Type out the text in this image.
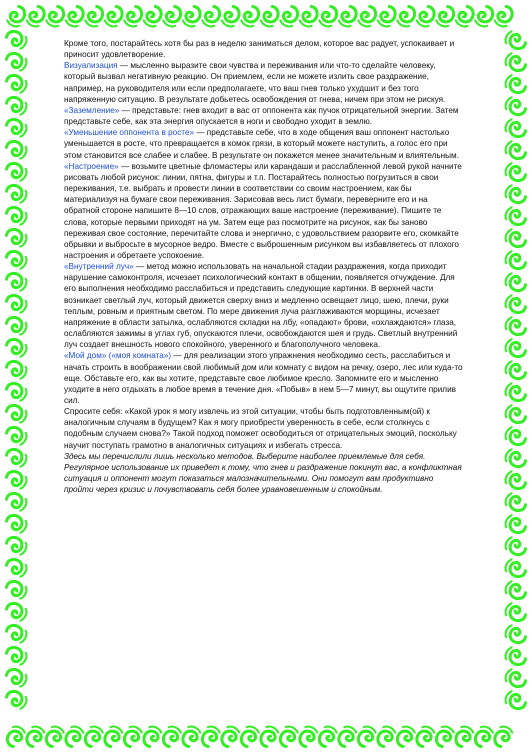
Кроме того, постарайтесь хотя бы раз в неделю заниматься делом, которое вас радует, успокаивает и приносит удовлетворение.

Визуализация — мысленно выразите свои чувства и переживания или что-то сделайте человеку, который вызвал негативную реакцию. Он приемлем, если не можете излить свое раздражение, например, на руководителя или если предполагаете, что ваш гнев только ухудшит и без того напряженную ситуацию. В результате добьетесь освобождения от гнева, ничем при этом не рискуя.

«Заземление» — представьте: гнев входит в вас от оппонента как пучок отрицательной энергии. Затем представьте себе, как эта энергия опускается в ноги и свободно уходит в землю.

«Уменьшение оппонента в росте» — представьте себе, что в ходе общения ваш оппонент настолько уменьшается в росте, что превращается в комок грязи, в который можете наступить, а голос его при этом становится все слабее и слабее. В результате он покажется менее значительным и влиятельным.

«Настроение» — возьмите цветные фломастеры или карандаши и расслабленной левой рукой начните рисовать любой рисунок: линии, пятна, фигуры и т.п. Постарайтесь полностью погрузиться в свои переживания, т.е. выбрать и провести линии в соответствии со своим настроением, как бы материализуя на бумаге свои переживания. Зарисовав весь лист бумаги, переверните его и на обратной стороне напишите 8—10 слов, отражающих ваше настроение (переживание). Пишите те слова, которые первыми приходят на ум. Затем еще раз посмотрите на рисунок, как бы заново переживая свое состояние, перечитайте слова и энергично, с удовольствием разорвите его, скомкайте обрывки и выбросьте в мусорное ведро. Вместе с выброшенным рисунком вы избавляетесь от плохого настроения и обретаете успокоение.

«Внутренний луч» — метод можно использовать на начальной стадии раздражения, когда приходит нарушение самоконтроля, исчезает психологический контакт в общении, появляется отчуждение. Для его выполнения необходимо расслабиться и представить следующие картинки. В верхней части возникает светлый луч, который движется сверху вниз и медленно освещает лицо, шею, плечи, руки теплым, ровным и приятным светом. По мере движения луча разглаживаются морщины, исчезает напряжение в области затылка, ослабляются складки на лбу, «опадают» брови, «охлаждаются» глаза, ослабляются зажимы в углах губ, опускаются плечи, освобождаются шея и грудь. Светлый внутренний луч создает внешность нового спокойного, уверенного и благополучного человека.

«Мой дом» («моя комната») — для реализации этого упражнения необходимо сесть, расслабиться и начать строить в воображении свой любимый дом или комнату с видом на речку, озеро, лес или куда-то еще. Обставьте его, как вы хотите, представьте свое любимое кресло. Запомните его и мысленно уходите в него отдыхать в любое время в течение дня. «Побыв» в нем 5—7 минут, вы ощутите прилив сил.

Спросите себя: «Какой урок я могу извлечь из этой ситуации, чтобы быть подготовленным(ой) к аналогичным случаям в будущем? Как я могу приобрести уверенность в себе, если столкнусь с подобным случаем снова?» Такой подход поможет освободиться от отрицательных эмоций, поскольку научит поступать грамотно в аналогичных ситуациях и избегать стресса.

Здесь мы перечислили лишь несколько методов. Выберите наиболее приемлемые для себя. Регулярное использование их приведет к тому, что гнев и раздражение покинут вас, а конфликтная ситуация и оппонент могут показаться малозначительными. Они помогут вам продуктивно пройти через кризис и почувствовать себя более уравновешенным и спокойным.
